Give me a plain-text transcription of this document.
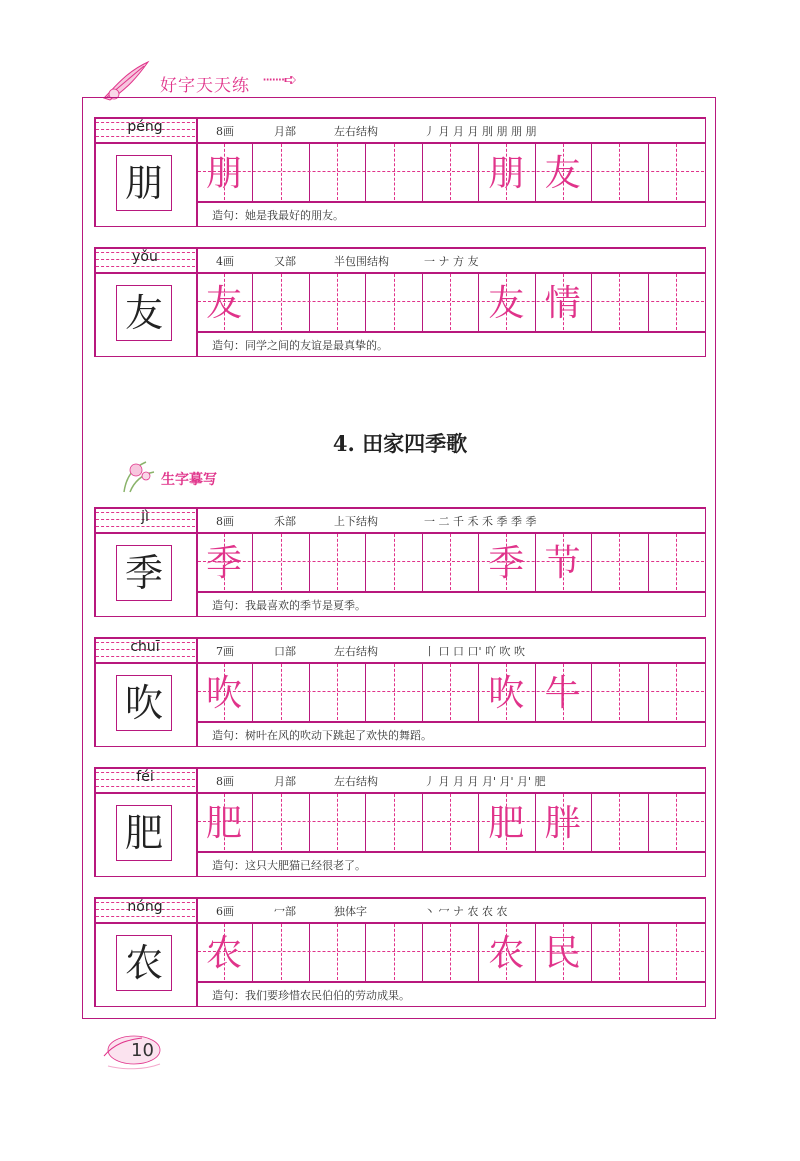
好字天天练 ·······➪
péng	8画	月部	左右结构	丿 月 月 月 刖 朋 朋 朋
朋 朋	朋 友
造句：她是我最好的朋友。
yǒu	4画	又部	半包围结构	一 ナ 方 友
友 友	友 情
造句：同学之间的友谊是最真挚的。
4. 田家四季歌
生字摹写
jì	8画	禾部	上下结构	一 二 千 禾 禾 季 季 季
季 季	季 节
造句：我最喜欢的季节是夏季。
chuī	7画	口部	左右结构	丨 口 口 口' 吖 吹 吹
吹 吹	吹 牛
造句：树叶在风的吹动下跳起了欢快的舞蹈。
féi	8画	月部	左右结构	丿 月 月 月 月' 月' 月' 肥
肥 肥	肥 胖
造句：这只大肥猫已经很老了。
nóng	6画	冖部	独体字	丶 冖 ナ 农 农 农
农 农	农 民
造句：我们要珍惜农民伯伯的劳动成果。
10
